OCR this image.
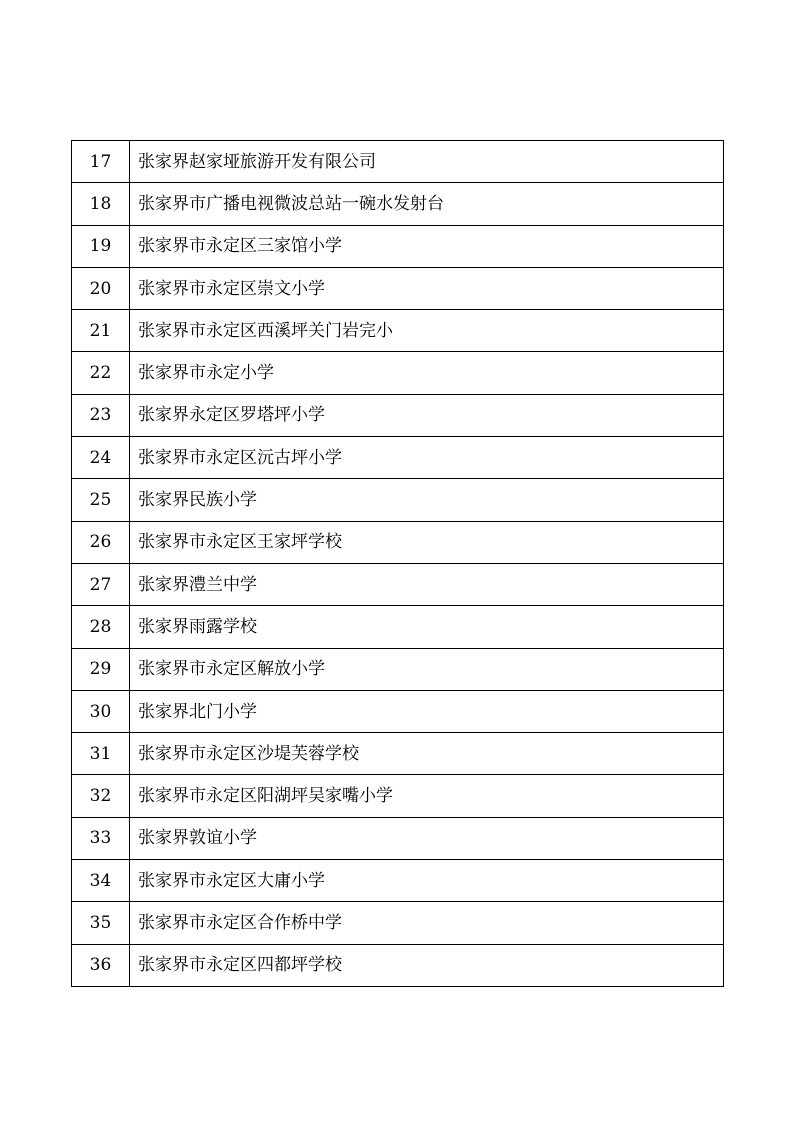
17	张家界赵家垭旅游开发有限公司
18	张家界市广播电视微波总站一碗水发射台
19	张家界市永定区三家馆小学
20	张家界市永定区崇文小学
21	张家界市永定区西溪坪关门岩完小
22	张家界市永定小学
23	张家界永定区罗塔坪小学
24	张家界市永定区沅古坪小学
25	张家界民族小学
26	张家界市永定区王家坪学校
27	张家界澧兰中学
28	张家界雨露学校
29	张家界市永定区解放小学
30	张家界北门小学
31	张家界市永定区沙堤芙蓉学校
32	张家界市永定区阳湖坪吴家嘴小学
33	张家界敦谊小学
34	张家界市永定区大庸小学
35	张家界市永定区合作桥中学
36	张家界市永定区四都坪学校
